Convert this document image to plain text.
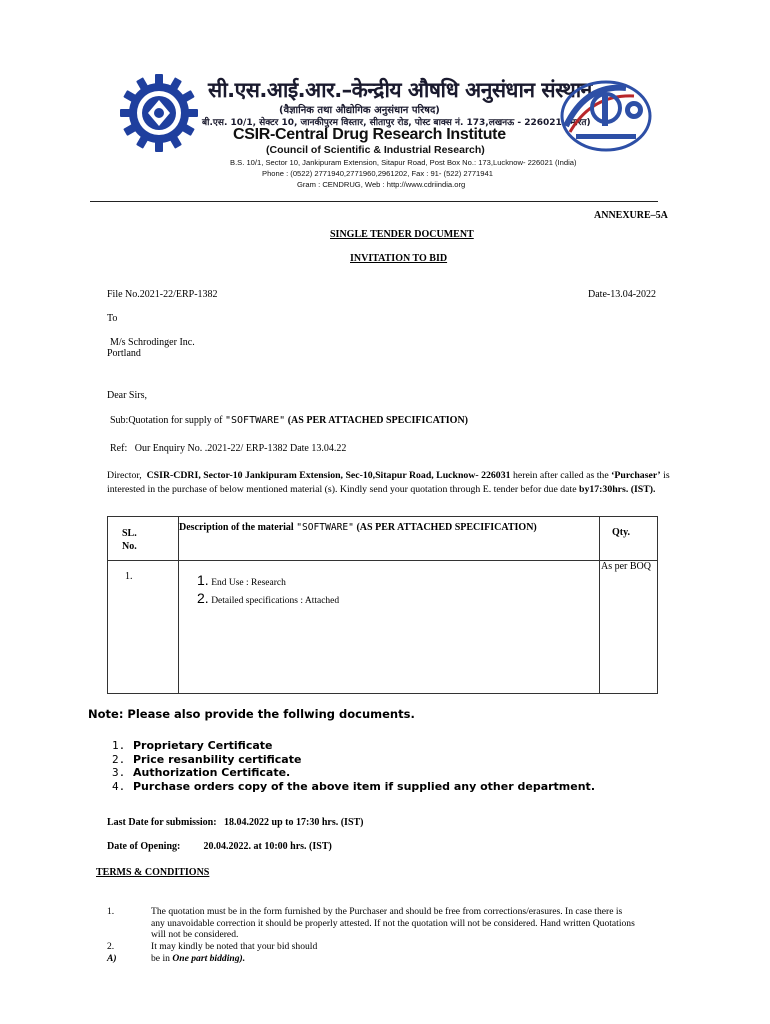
सी.एस.आई.आर.–केन्द्रीय औषधि अनुसंधान संस्थान
(वैज्ञानिक तथा औद्योगिक अनुसंधान परिषद)
बी.एस. 10/1, सेक्टर 10, जानकीपुरम विस्तार, सीतापुर रोड, पोस्ट बाक्स नं. 173,लखनऊ - 226021 (भारत)
CSIR-Central Drug Research Institute
(Council of Scientific & Industrial Research)
B.S. 10/1, Sector 10, Jankipuram Extension, Sitapur Road, Post Box No.: 173,Lucknow- 226021 (India)
Phone : (0522) 2771940,2771960,2961202, Fax : 91- (522) 2771941
Gram : CENDRUG, Web : http://www.cdriindia.org
ANNEXURE–5A
SINGLE TENDER DOCUMENT
INVITATION TO BID
File No.2021-22/ERP-1382	Date-13.04-2022
To
M/s Schrodinger Inc.
Portland
Dear Sirs,
Sub:Quotation for supply of "SOFTWARE" (AS PER ATTACHED SPECIFICATION)
Ref:   Our Enquiry No. .2021-22/ ERP-1382 Date 13.04.22
Director, CSIR-CDRI, Sector-10 Jankipuram Extension, Sec-10,Sitapur Road, Lucknow- 226031 herein after called as the ‘Purchaser’ is
interested in the purchase of below mentioned material (s). Kindly send your quotation through E. tender befor due date by17:30hrs. (IST).
SL.
No.	Description of the material "SOFTWARE" (AS PER ATTACHED SPECIFICATION)	Qty.

1.	1. End Use : Research
2. Detailed specifications : Attached	As per BOQ
Note: Please also provide the follwing documents.
1. Proprietary Certificate
2. Price resanbility certificate
3. Authorization Certificate.
4. Purchase orders copy of the above item if supplied any other department.
Last Date for submission: 18.04.2022 up to 17:30 hrs. (IST)
Date of Opening: 20.04.2022. at 10:00 hrs. (IST)
TERMS & CONDITIONS
1.	The quotation must be in the form furnished by the Purchaser and should be free from corrections/erasures. In case there is
any unavoidable correction it should be properly attested. If not the quotation will not be considered. Hand written Quotations
will not be considered.
2.	It may kindly be noted that your bid should
A)	be in One part bidding).
